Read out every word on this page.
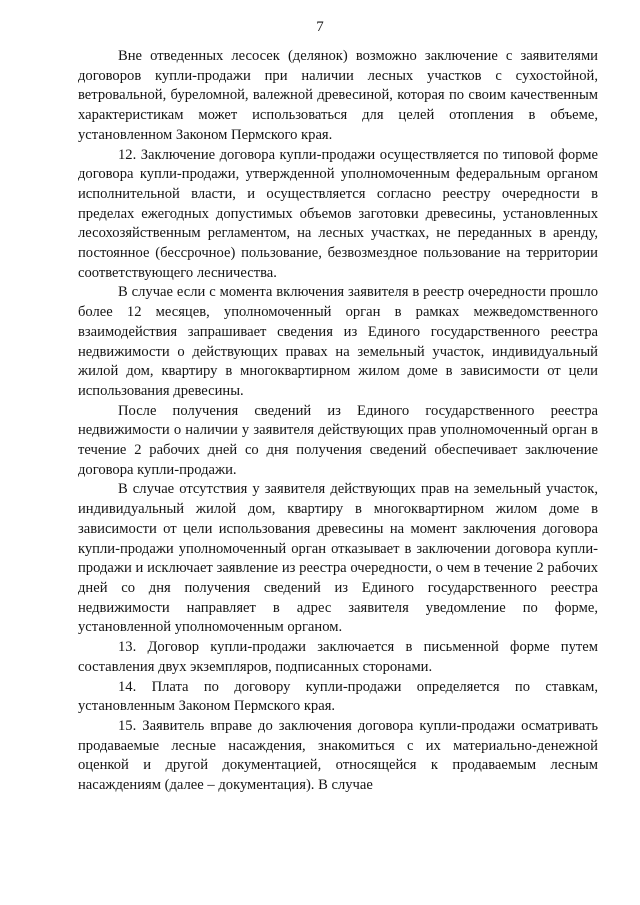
7

Вне отведенных лесосек (делянок) возможно заключение с заявителями договоров купли-продажи при наличии лесных участков с сухостойной, ветровальной, буреломной, валежной древесиной, которая по своим качественным характеристикам может использоваться для целей отопления в объеме, установленном Законом Пермского края.

12. Заключение договора купли-продажи осуществляется по типовой форме договора купли-продажи, утвержденной уполномоченным федеральным органом исполнительной власти, и осуществляется согласно реестру очередности в пределах ежегодных допустимых объемов заготовки древесины, установленных лесохозяйственным регламентом, на лесных участках, не переданных в аренду, постоянное (бессрочное) пользование, безвозмездное пользование на территории соответствующего лесничества.

В случае если с момента включения заявителя в реестр очередности прошло более 12 месяцев, уполномоченный орган в рамках межведомственного взаимодействия запрашивает сведения из Единого государственного реестра недвижимости о действующих правах на земельный участок, индивидуальный жилой дом, квартиру в многоквартирном жилом доме в зависимости от цели использования древесины.

После получения сведений из Единого государственного реестра недвижимости о наличии у заявителя действующих прав уполномоченный орган в течение 2 рабочих дней со дня получения сведений обеспечивает заключение договора купли-продажи.

В случае отсутствия у заявителя действующих прав на земельный участок, индивидуальный жилой дом, квартиру в многоквартирном жилом доме в зависимости от цели использования древесины на момент заключения договора купли-продажи уполномоченный орган отказывает в заключении договора купли-продажи и исключает заявление из реестра очередности, о чем в течение 2 рабочих дней со дня получения сведений из Единого государственного реестра недвижимости направляет в адрес заявителя уведомление по форме, установленной уполномоченным органом.

13. Договор купли-продажи заключается в письменной форме путем составления двух экземпляров, подписанных сторонами.

14. Плата по договору купли-продажи определяется по ставкам, установленным Законом Пермского края.

15. Заявитель вправе до заключения договора купли-продажи осматривать продаваемые лесные насаждения, знакомиться с их материально-денежной оценкой и другой документацией, относящейся к продаваемым лесным насаждениям (далее – документация). В случае
